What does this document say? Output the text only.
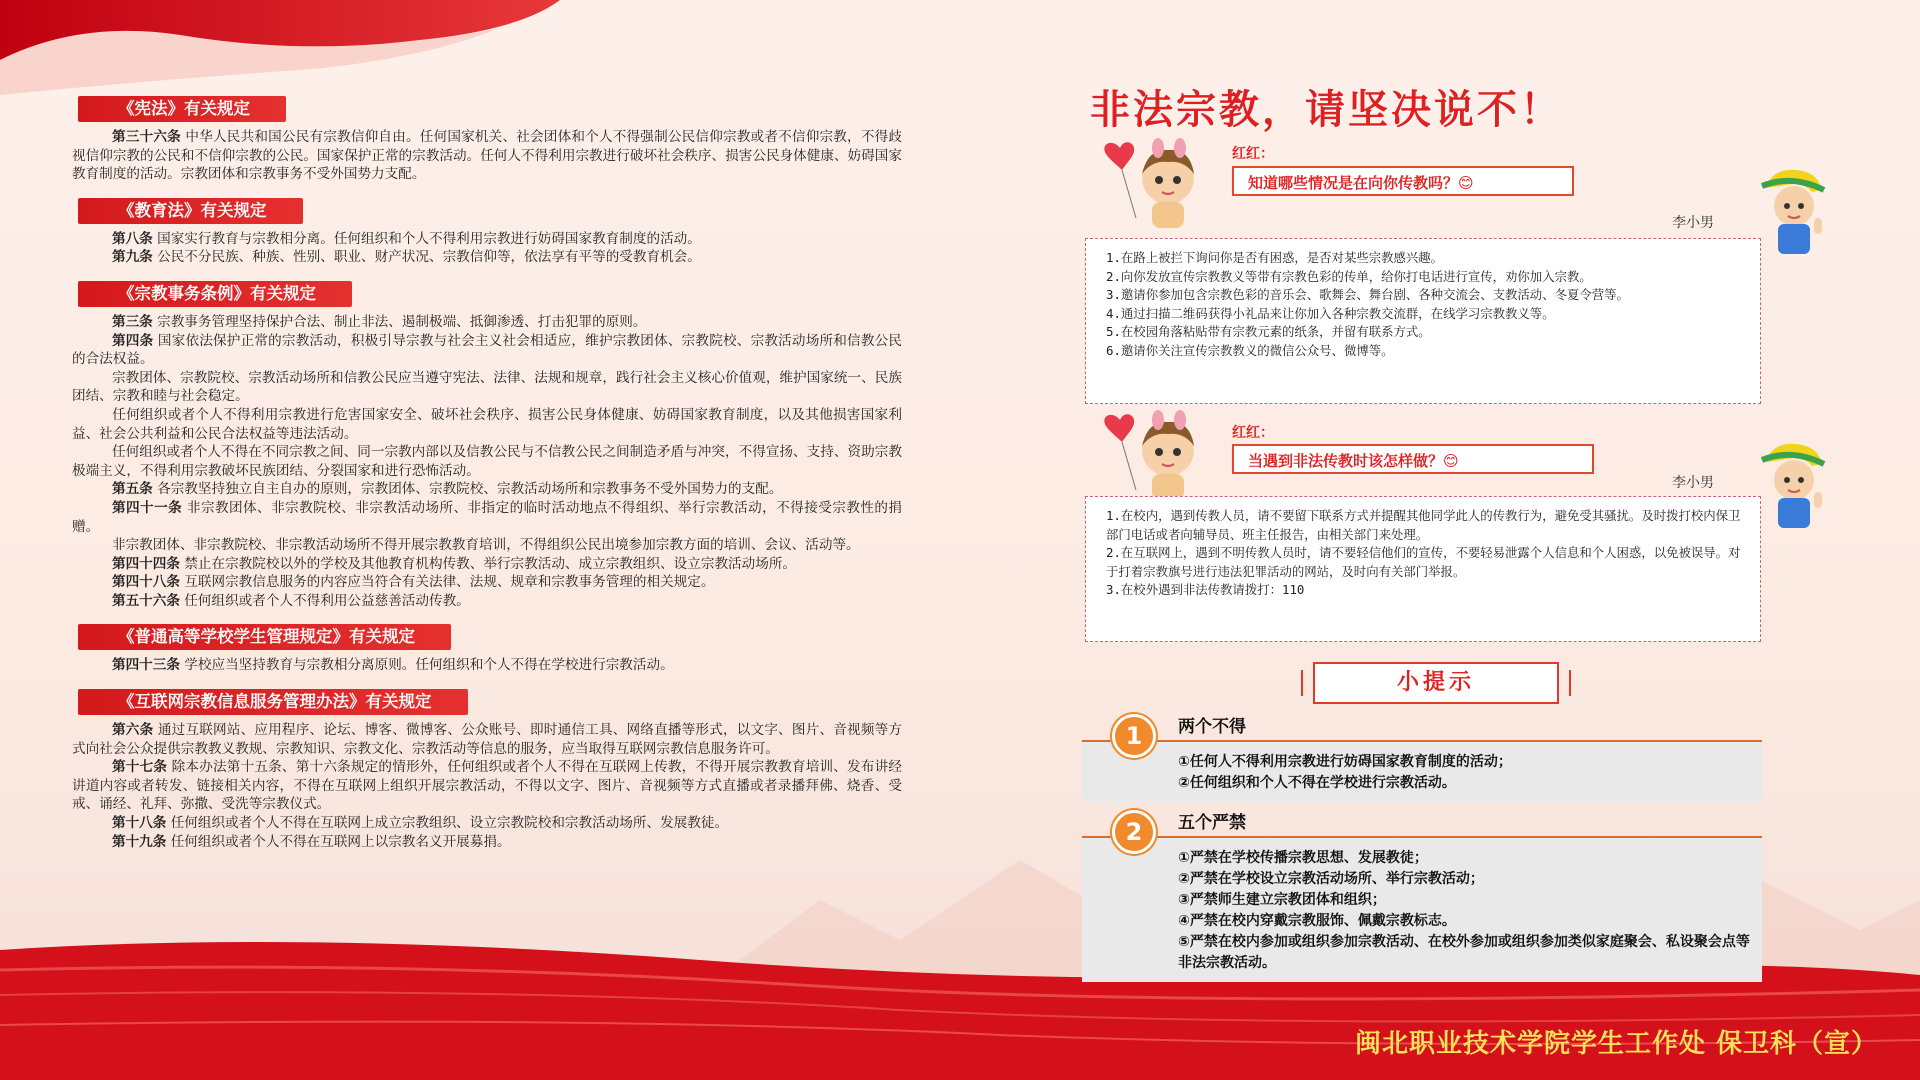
《宪法》有关规定

第三十六条 中华人民共和国公民有宗教信仰自由。任何国家机关、社会团体和个人不得强制公民信仰宗教或者不信仰宗教，不得歧视信仰宗教的公民和不信仰宗教的公民。国家保护正常的宗教活动。任何人不得利用宗教进行破坏社会秩序、损害公民身体健康、妨碍国家教育制度的活动。宗教团体和宗教事务不受外国势力支配。

《教育法》有关规定

第八条 国家实行教育与宗教相分离。任何组织和个人不得利用宗教进行妨碍国家教育制度的活动。

第九条 公民不分民族、种族、性别、职业、财产状况、宗教信仰等，依法享有平等的受教育机会。

《宗教事务条例》有关规定

第三条 宗教事务管理坚持保护合法、制止非法、遏制极端、抵御渗透、打击犯罪的原则。

第四条 国家依法保护正常的宗教活动，积极引导宗教与社会主义社会相适应，维护宗教团体、宗教院校、宗教活动场所和信教公民的合法权益。

宗教团体、宗教院校、宗教活动场所和信教公民应当遵守宪法、法律、法规和规章，践行社会主义核心价值观，维护国家统一、民族团结、宗教和睦与社会稳定。

任何组织或者个人不得利用宗教进行危害国家安全、破坏社会秩序、损害公民身体健康、妨碍国家教育制度，以及其他损害国家利益、社会公共利益和公民合法权益等违法活动。

任何组织或者个人不得在不同宗教之间、同一宗教内部以及信教公民与不信教公民之间制造矛盾与冲突，不得宣扬、支持、资助宗教极端主义，不得利用宗教破坏民族团结、分裂国家和进行恐怖活动。

第五条 各宗教坚持独立自主自办的原则，宗教团体、宗教院校、宗教活动场所和宗教事务不受外国势力的支配。

第四十一条 非宗教团体、非宗教院校、非宗教活动场所、非指定的临时活动地点不得组织、举行宗教活动，不得接受宗教性的捐赠。

非宗教团体、非宗教院校、非宗教活动场所不得开展宗教教育培训，不得组织公民出境参加宗教方面的培训、会议、活动等。

第四十四条 禁止在宗教院校以外的学校及其他教育机构传教、举行宗教活动、成立宗教组织、设立宗教活动场所。

第四十八条 互联网宗教信息服务的内容应当符合有关法律、法规、规章和宗教事务管理的相关规定。

第五十六条 任何组织或者个人不得利用公益慈善活动传教。

《普通高等学校学生管理规定》有关规定

第四十三条 学校应当坚持教育与宗教相分离原则。任何组织和个人不得在学校进行宗教活动。

《互联网宗教信息服务管理办法》有关规定

第六条 通过互联网站、应用程序、论坛、博客、微博客、公众账号、即时通信工具、网络直播等形式，以文字、图片、音视频等方式向社会公众提供宗教教义教规、宗教知识、宗教文化、宗教活动等信息的服务，应当取得互联网宗教信息服务许可。

第十七条 除本办法第十五条、第十六条规定的情形外，任何组织或者个人不得在互联网上传教，不得开展宗教教育培训、发布讲经讲道内容或者转发、链接相关内容，不得在互联网上组织开展宗教活动，不得以文字、图片、音视频等方式直播或者录播拜佛、烧香、受戒、诵经、礼拜、弥撒、受洗等宗教仪式。

第十八条 任何组织或者个人不得在互联网上成立宗教组织、设立宗教院校和宗教活动场所、发展教徒。

第十九条 任何组织或者个人不得在互联网上以宗教名义开展募捐。

非法宗教，请坚决说不！
红红：
知道哪些情况是在向你传教吗？😊
李小男

1.在路上被拦下询问你是否有困惑，是否对某些宗教感兴趣。

2.向你发放宣传宗教教义等带有宗教色彩的传单，给你打电话进行宣传，劝你加入宗教。

3.邀请你参加包含宗教色彩的音乐会、歌舞会、舞台剧、各种交流会、支教活动、冬夏令营等。

4.通过扫描二维码获得小礼品来让你加入各种宗教交流群，在线学习宗教教义等。

5.在校园角落粘贴带有宗教元素的纸条，并留有联系方式。

6.邀请你关注宣传宗教教义的微信公众号、微博等。

红红：
当遇到非法传教时该怎样做？😊
李小男

1.在校内，遇到传教人员，请不要留下联系方式并提醒其他同学此人的传教行为，避免受其骚扰。及时拨打校内保卫部门电话或者向辅导员、班主任报告，由相关部门来处理。

2.在互联网上，遇到不明传教人员时，请不要轻信他们的宣传，不要轻易泄露个人信息和个人困惑，以免被误导。对于打着宗教旗号进行违法犯罪活动的网站，及时向有关部门举报。

3.在校外遇到非法传教请拨打：110

小提示
1	两个不得

①任何人不得利用宗教进行妨碍国家教育制度的活动；

②任何组织和个人不得在学校进行宗教活动。

2	五个严禁

①严禁在学校传播宗教思想、发展教徒；

②严禁在学校设立宗教活动场所、举行宗教活动；

③严禁师生建立宗教团体和组织；

④严禁在校内穿戴宗教服饰、佩戴宗教标志。

⑤严禁在校内参加或组织参加宗教活动、在校外参加或组织参加类似家庭聚会、私设聚会点等非法宗教活动。

闽北职业技术学院学生工作处 保卫科（宣）
